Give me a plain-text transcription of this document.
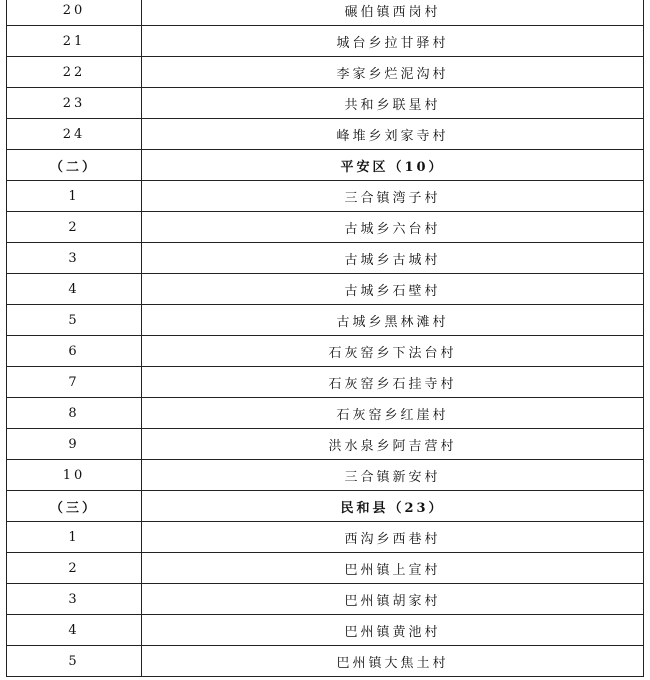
20	碾伯镇西岗村
21	城台乡拉甘驿村
22	李家乡烂泥沟村
23	共和乡联星村
24	峰堆乡刘家寺村
（二）	平安区（10）
1	三合镇湾子村
2	古城乡六台村
3	古城乡古城村
4	古城乡石壁村
5	古城乡黑林滩村
6	石灰窑乡下法台村
7	石灰窑乡石挂寺村
8	石灰窑乡红崖村
9	洪水泉乡阿吉营村
10	三合镇新安村
（三）	民和县（23）
1	西沟乡西巷村
2	巴州镇上宣村
3	巴州镇胡家村
4	巴州镇黄池村
5	巴州镇大焦土村
